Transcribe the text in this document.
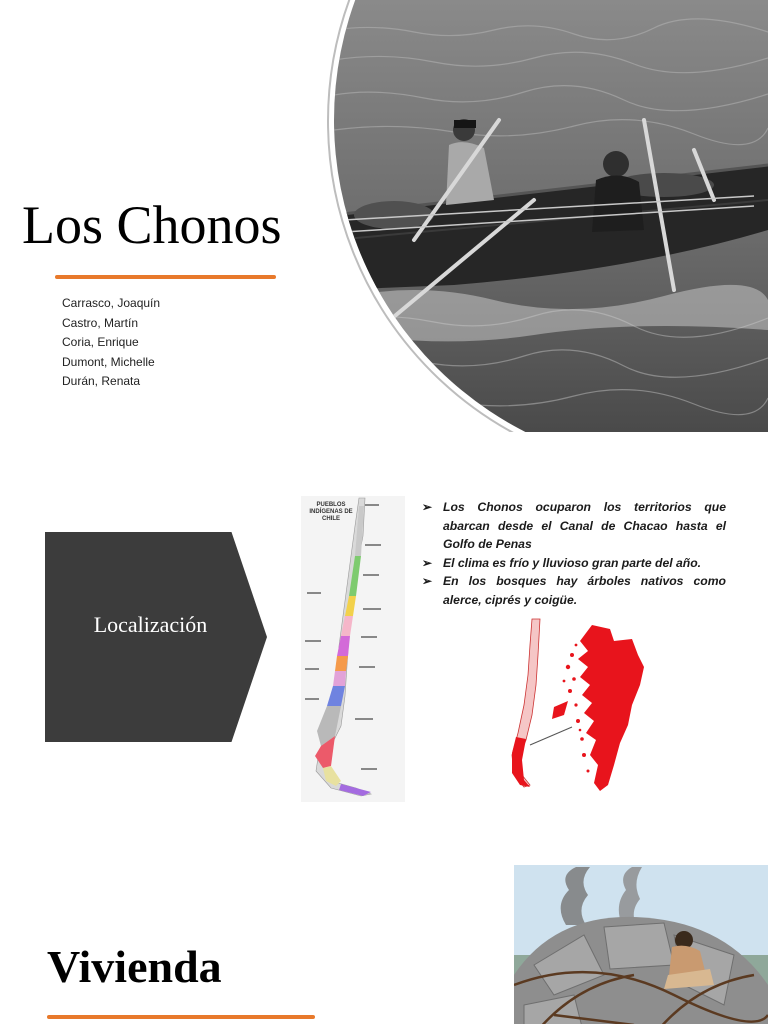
Los Chonos
Carrasco, Joaquín
Castro, Martín
Coria, Enrique
Dumont, Michelle
Durán, Renata
Localización
PUEBLOS INDÍGENAS DE CHILE
➢ Los Chonos ocuparon los territorios que abarcan desde el Canal de Chacao hasta el Golfo de Penas
➢ El clima es frío y lluvioso gran parte del año.
➢ En los bosques hay árboles nativos como alerce, ciprés y coigüe.
Vivienda
